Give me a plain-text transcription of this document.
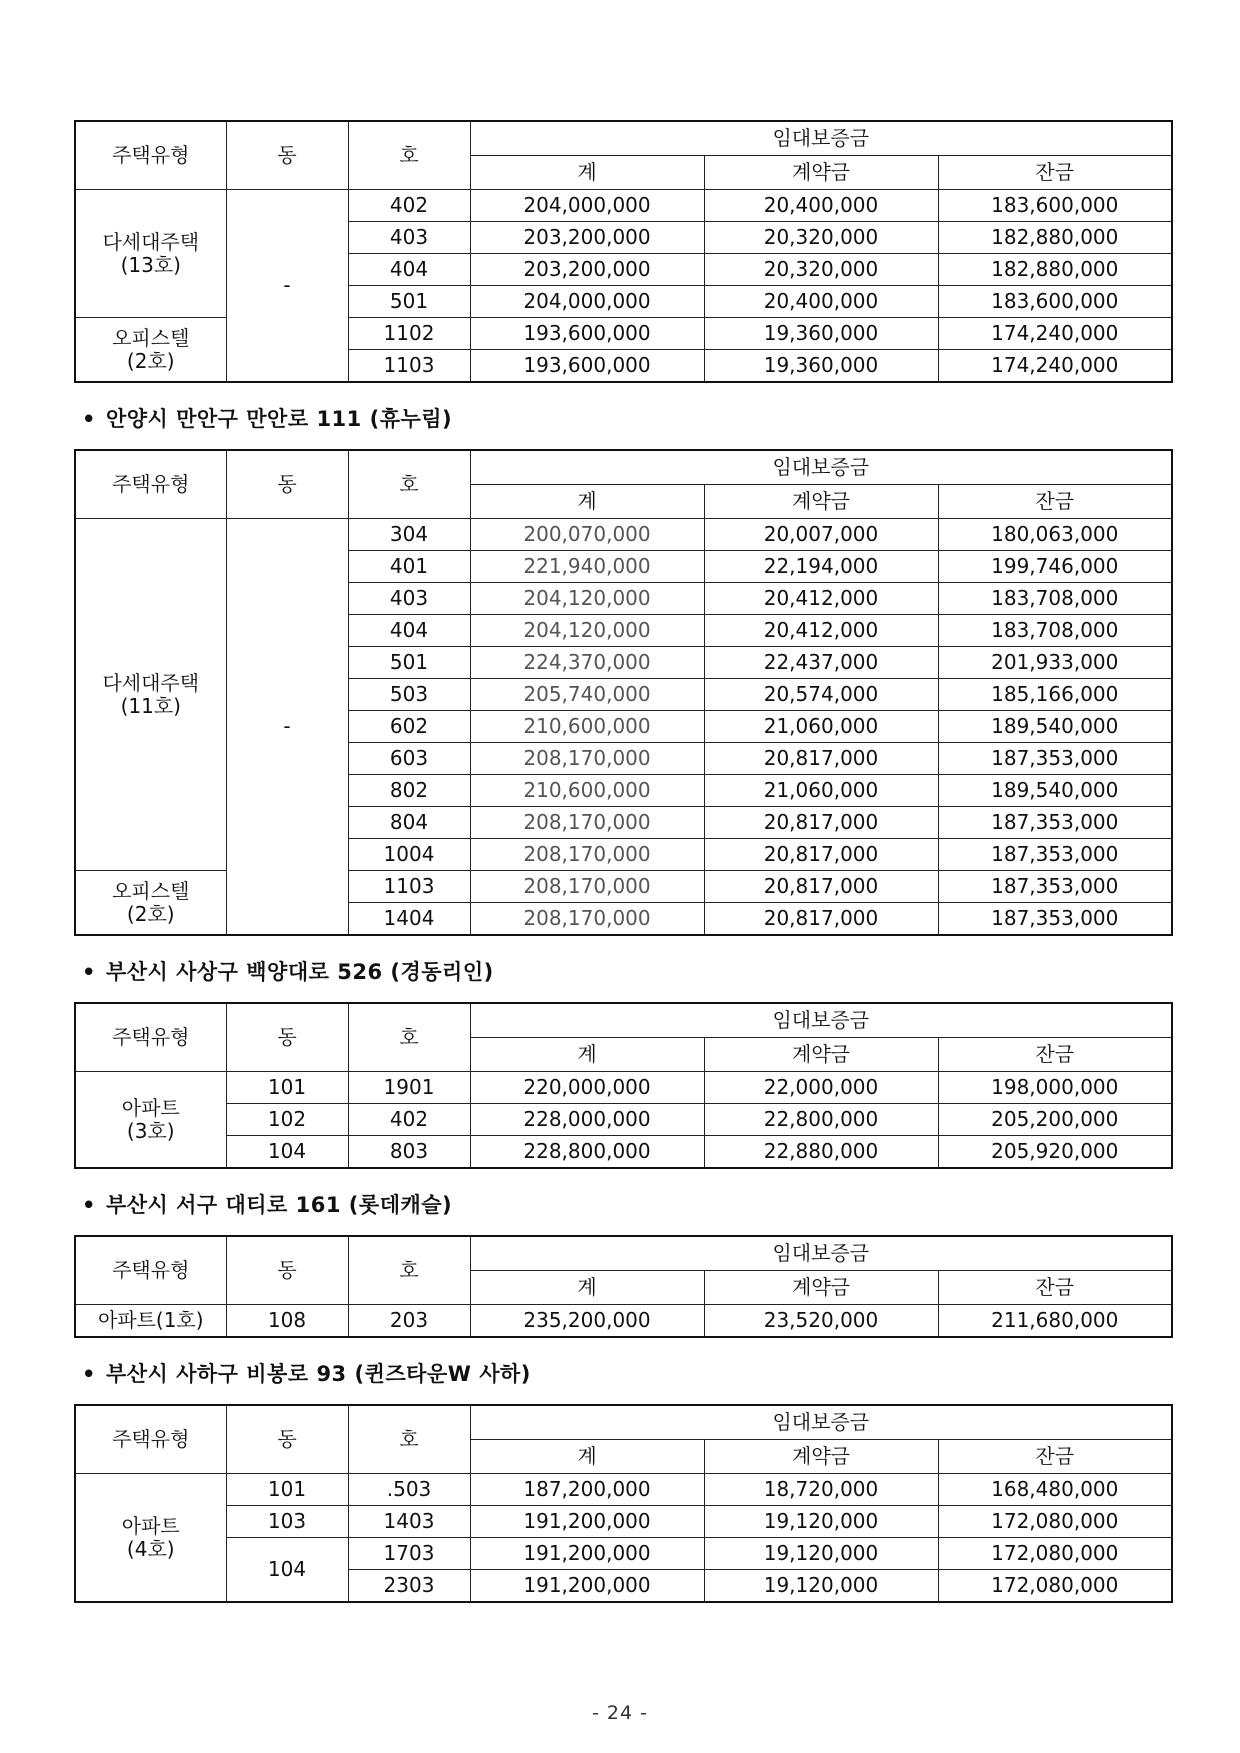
주택유형	동	호	임대보증금		
			계	계약금	잔금

다세대주택
(13호)	-	402	204,000,000	20,400,000	183,600,000
		403	203,200,000	20,320,000	182,880,000
		404	203,200,000	20,320,000	182,880,000
		501	204,000,000	20,400,000	183,600,000

오피스텔
(2호)		1102	193,600,000	19,360,000	174,240,000
		1103	193,600,000	19,360,000	174,240,000
• 안양시 만안구 만안로 111 (휴누림)
주택유형	동	호	임대보증금		
			계	계약금	잔금

다세대주택
(11호)	-	304	200,070,000	20,007,000	180,063,000
		401	221,940,000	22,194,000	199,746,000
		403	204,120,000	20,412,000	183,708,000
		404	204,120,000	20,412,000	183,708,000
		501	224,370,000	22,437,000	201,933,000
		503	205,740,000	20,574,000	185,166,000
		602	210,600,000	21,060,000	189,540,000
		603	208,170,000	20,817,000	187,353,000
		802	210,600,000	21,060,000	189,540,000
		804	208,170,000	20,817,000	187,353,000
		1004	208,170,000	20,817,000	187,353,000

오피스텔
(2호)		1103	208,170,000	20,817,000	187,353,000
		1404	208,170,000	20,817,000	187,353,000
• 부산시 사상구 백양대로 526 (경동리인)
주택유형	동	호	임대보증금		
			계	계약금	잔금

아파트
(3호)	101	1901	220,000,000	22,000,000	198,000,000
	102	402	228,000,000	22,800,000	205,200,000
	104	803	228,800,000	22,880,000	205,920,000
• 부산시 서구 대티로 161 (롯데캐슬)
주택유형	동	호	임대보증금		
			계	계약금	잔금

아파트(1호)	108	203	235,200,000	23,520,000	211,680,000
• 부산시 사하구 비봉로 93 (퀸즈타운W 사하)
주택유형	동	호	임대보증금		
			계	계약금	잔금

아파트
(4호)	101	.503	187,200,000	18,720,000	168,480,000
	103	1403	191,200,000	19,120,000	172,080,000
	104	1703	191,200,000	19,120,000	172,080,000
		2303	191,200,000	19,120,000	172,080,000
- 24 -
